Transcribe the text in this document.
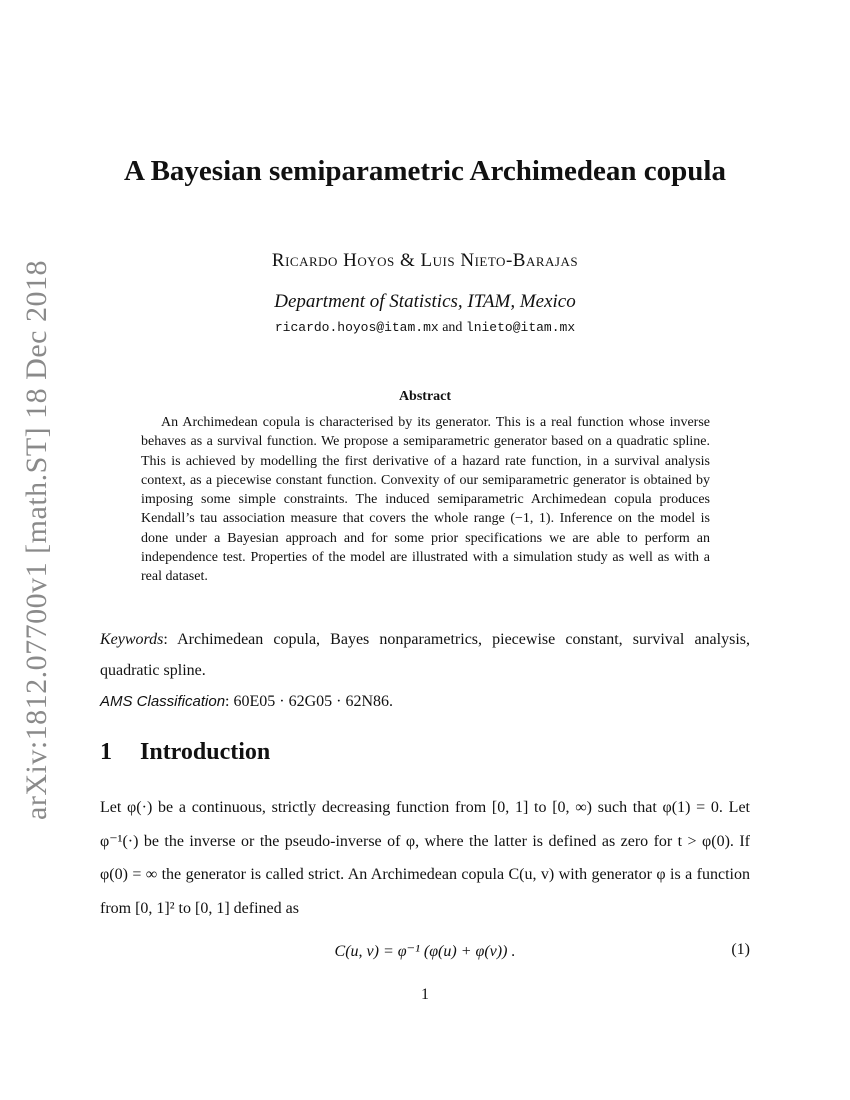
arXiv:1812.07700v1 [math.ST] 18 Dec 2018
A Bayesian semiparametric Archimedean copula
Ricardo Hoyos & Luis Nieto-Barajas
Department of Statistics, ITAM, Mexico
ricardo.hoyos@itam.mx and lnieto@itam.mx
Abstract

An Archimedean copula is characterised by its generator. This is a real function whose inverse behaves as a survival function. We propose a semiparametric generator based on a quadratic spline. This is achieved by modelling the first derivative of a hazard rate function, in a survival analysis context, as a piecewise constant function. Convexity of our semiparametric generator is obtained by imposing some simple constraints. The induced semiparametric Archimedean copula produces Kendall’s tau association measure that covers the whole range (−1, 1). Inference on the model is done under a Bayesian approach and for some prior specifications we are able to perform an independence test. Properties of the model are illustrated with a simulation study as well as with a real dataset.

Keywords: Archimedean copula, Bayes nonparametrics, piecewise constant, survival analysis, quadratic spline.

AMS Classification: 60E05 · 62G05 · 62N86.

1 Introduction

Let φ(·) be a continuous, strictly decreasing function from [0, 1] to [0, ∞) such that φ(1) = 0. Let φ⁻¹(·) be the inverse or the pseudo-inverse of φ, where the latter is defined as zero for t > φ(0). If φ(0) = ∞ the generator is called strict. An Archimedean copula C(u, v) with generator φ is a function from [0, 1]² to [0, 1] defined as

C(u, v) = φ⁻¹ (φ(u) + φ(v)) .	(1)
1
